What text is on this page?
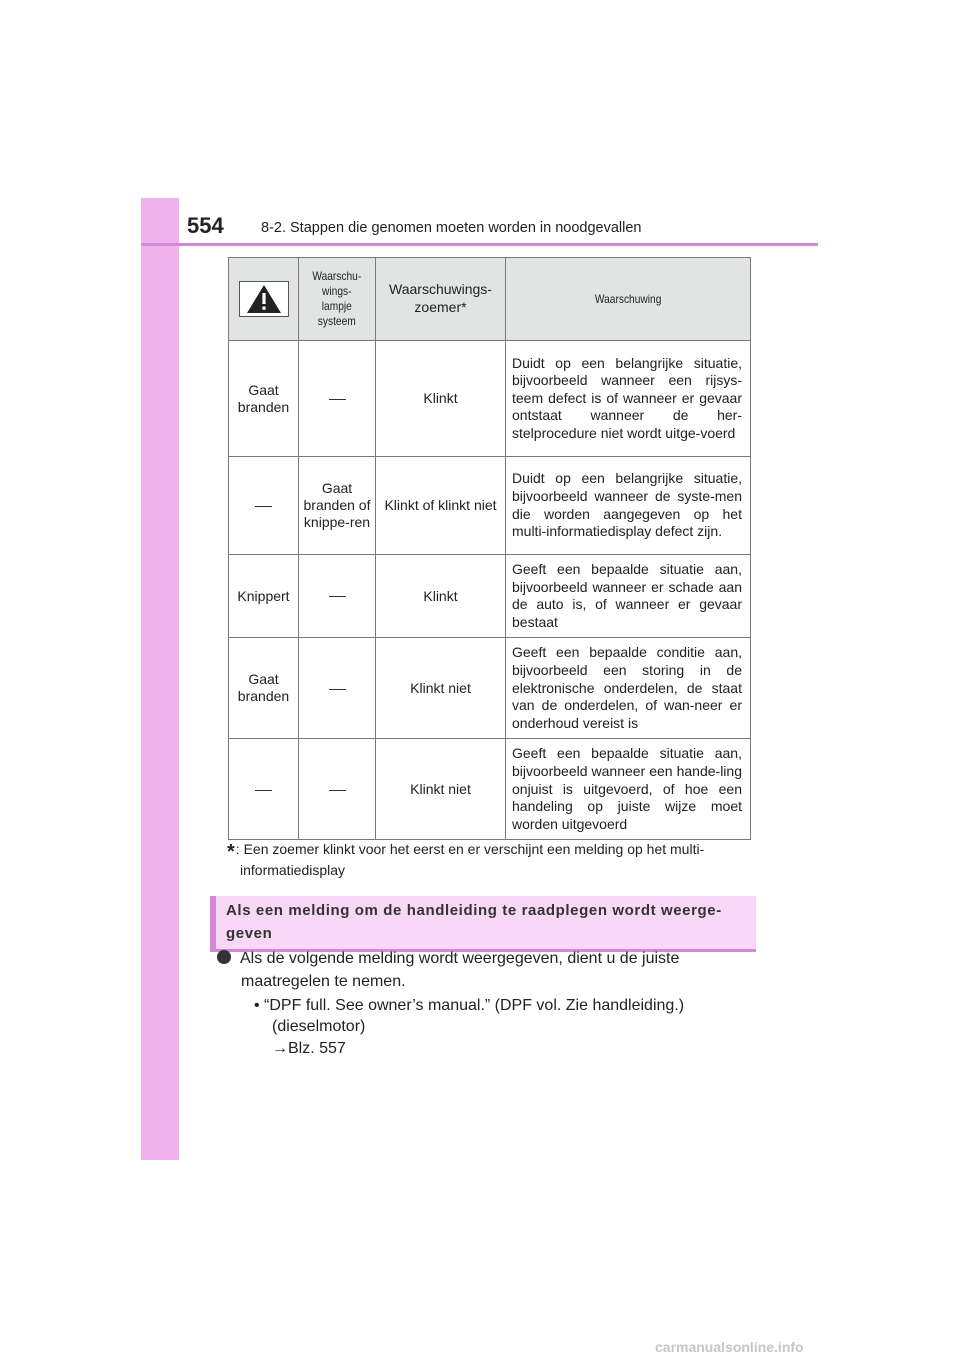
554	8-2. Stappen die genomen moeten worden in noodgevallen
	Waarschu-
wings-
lampje
systeem	Waarschuwings-
zoemer*	Waarschuwing
Gaat branden		Klinkt	Duidt op een belangrijke situatie, bijvoorbeeld wanneer een rijsys-teem defect is of wanneer er gevaar ontstaat wanneer de her-stelprocedure niet wordt uitge-voerd
	Gaat branden of knippe-ren	Klinkt of klinkt niet	Duidt op een belangrijke situatie, bijvoorbeeld wanneer de syste-men die worden aangegeven op het multi-informatiedisplay defect zijn.
Knippert		Klinkt	Geeft een bepaalde situatie aan, bijvoorbeeld wanneer er schade aan de auto is, of wanneer er gevaar bestaat
Gaat branden		Klinkt niet	Geeft een bepaalde conditie aan, bijvoorbeeld een storing in de elektronische onderdelen, de staat van de onderdelen, of wan-neer er onderhoud vereist is
		Klinkt niet	Geeft een bepaalde situatie aan, bijvoorbeeld wanneer een hande-ling onjuist is uitgevoerd, of hoe een handeling op juiste wijze moet worden uitgevoerd
*: Een zoemer klinkt voor het eerst en er verschijnt een melding op het multi-
informatiedisplay
Als een melding om de handleiding te raadplegen wordt weerge-geven
Als de volgende melding wordt weergegeven, dient u de juiste
maatregelen te nemen.
• “DPF full. See owner’s manual.” (DPF vol. Zie handleiding.)
(dieselmotor)
→Blz. 557
carmanualsonline.info
